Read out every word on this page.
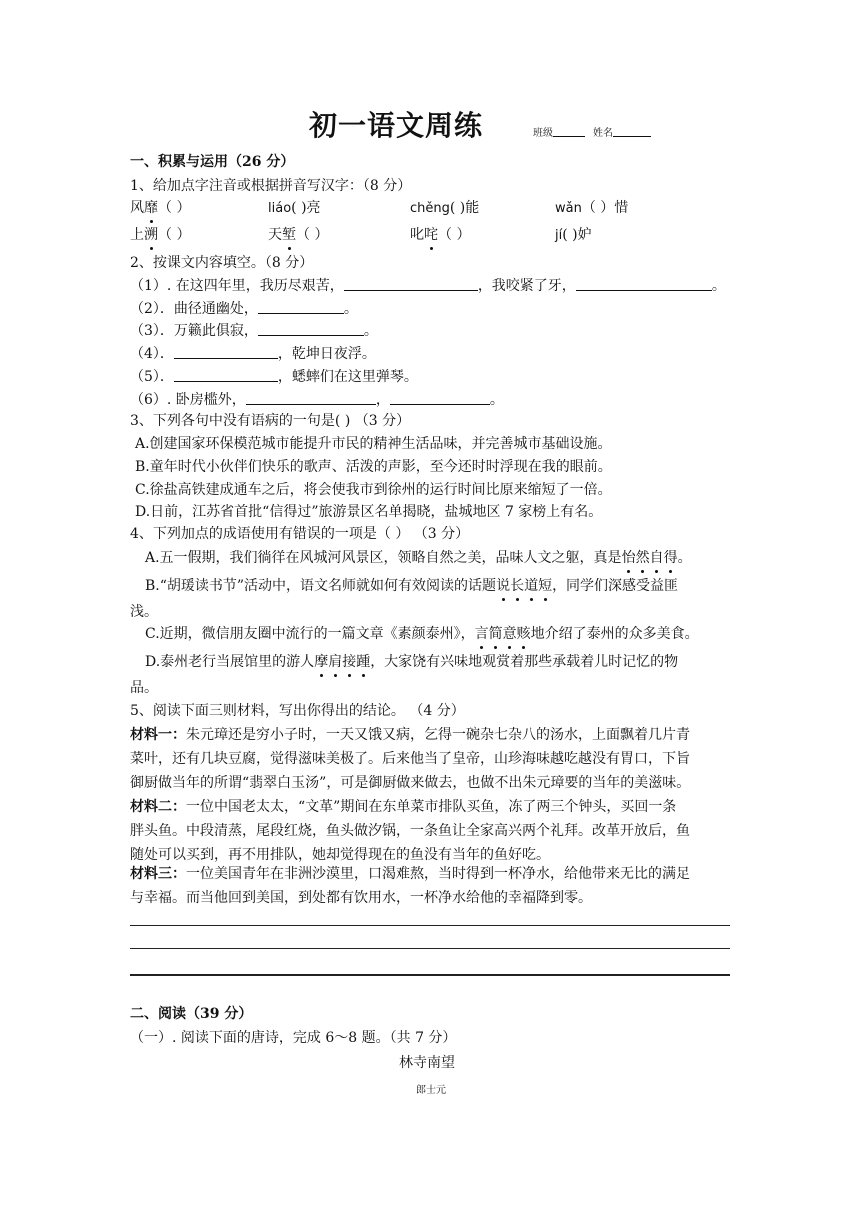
初一语文周练	班级	姓名
一、积累与运用（26 分）
1、给加点字注音或根据拼音写汉字：（8 分）
风靡（ ）	liáo( )亮	chěng( )能	wǎn（ ）惜
上溯（ ）	天堑（ ）	叱咤（ ）	jí( )妒
2、按课文内容填空。（8 分）
（1）. 在这四年里，我历尽艰苦，	，我咬紧了牙，	。
（2）．曲径通幽处，	。
（3）．万籁此俱寂，	。
（4）．	，乾坤日夜浮。
（5）．	，蟋蟀们在这里弹琴。
（6）. 卧房槛外，	，	。
3、下列各句中没有语病的一句是( ) （3 分）
A.创建国家环保模范城市能提升市民的精神生活品味，并完善城市基础设施。
B.童年时代小伙伴们快乐的歌声、活泼的声影，至今还时时浮现在我的眼前。
C.徐盐高铁建成通车之后，将会使我市到徐州的运行时间比原来缩短了一倍。
D.日前，江苏省首批“信得过”旅游景区名单揭晓，盐城地区 7 家榜上有名。
4、下列加点的成语使用有错误的一项是（ ） （3 分）
A.五一假期，我们徜徉在风城河风景区，领略自然之美，品味人文之躯，真是怡然自得。
B.“胡瑗读书节”活动中，语文名师就如何有效阅读的话题说长道短，同学们深感受益匪
浅。
C.近期，微信朋友圈中流行的一篇文章《素颜泰州》，言简意赅地介绍了泰州的众多美食。
D.泰州老行当展馆里的游人摩肩接踵，大家饶有兴味地观赏着那些承载着儿时记忆的物
品。
5、阅读下面三则材料，写出你得出的结论。 （4 分）
材料一：朱元璋还是穷小子时，一天又饿又病，乞得一碗杂七杂八的汤水，上面飘着几片青
菜叶，还有几块豆腐，觉得滋味美极了。后来他当了皇帝，山珍海味越吃越没有胃口，下旨
御厨做当年的所谓“翡翠白玉汤”，可是御厨做来做去，也做不出朱元璋要的当年的美滋味。
材料二：一位中国老太太，“文革”期间在东单菜市排队买鱼，冻了两三个钟头，买回一条
胖头鱼。中段清蒸，尾段红烧，鱼头做汐锅，一条鱼让全家高兴两个礼拜。改革开放后，鱼
随处可以买到，再不用排队，她却觉得现在的鱼没有当年的鱼好吃。
材料三：一位美国青年在非洲沙漠里，口渴难熬，当时得到一杯净水，给他带来无比的满足
与幸福。而当他回到美国，到处都有饮用水，一杯净水给他的幸福降到零。
二、阅读（39 分）
（一）. 阅读下面的唐诗，完成 6～8 题。（共 7 分）
林寺南望
郎士元
